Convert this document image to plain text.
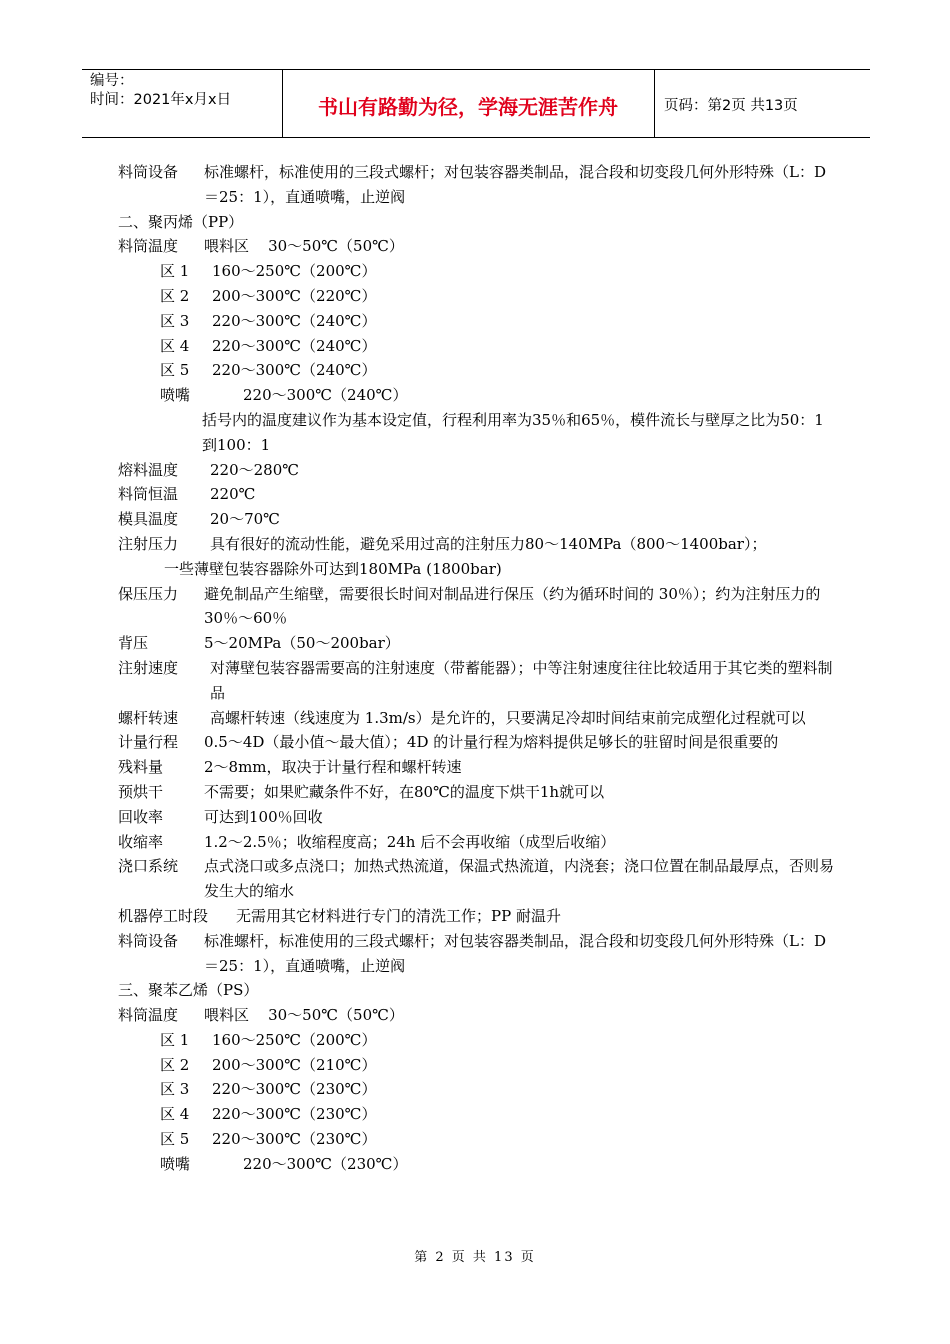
编号：
时间：2021年x月x日	书山有路勤为径，学海无涯苦作舟	页码：第2页 共13页
料筒设备	标准螺杆，标准使用的三段式螺杆；对包装容器类制品，混合段和切变段几何外形特殊（L：D＝25：1），直通喷嘴，止逆阀
二、聚丙烯（PP）
料筒温度	喂料区    30～50℃（50℃）
区 1	160～250℃（200℃）
区 2	200～300℃（220℃）
区 3	220～300℃（240℃）
区 4	220～300℃（240℃）
区 5	220～300℃（240℃）
喷嘴	220～300℃（240℃）
括号内的温度建议作为基本设定值，行程利用率为35％和65％，模件流长与壁厚之比为50：1到100：1
熔料温度	220～280℃
料筒恒温	220℃
模具温度	20～70℃
注射压力	具有很好的流动性能，避免采用过高的注射压力80～140MPa（800～1400bar）；
一些薄壁包装容器除外可达到180MPa (1800bar)
保压压力	避免制品产生缩壁，需要很长时间对制品进行保压（约为循环时间的 30％）；约为注射压力的30％～60％
背压	5～20MPa（50～200bar）
注射速度	对薄壁包装容器需要高的注射速度（带蓄能器）；中等注射速度往往比较适用于其它类的塑料制品
螺杆转速	高螺杆转速（线速度为 1.3m/s）是允许的，只要满足冷却时间结束前完成塑化过程就可以
计量行程	0.5～4D（最小值～最大值）；4D 的计量行程为熔料提供足够长的驻留时间是很重要的
残料量	2～8mm，取决于计量行程和螺杆转速
预烘干	不需要；如果贮藏条件不好，在80℃的温度下烘干1h就可以
回收率	可达到100％回收
收缩率	1.2～2.5％；收缩程度高；24h 后不会再收缩（成型后收缩）
浇口系统	点式浇口或多点浇口；加热式热流道，保温式热流道，内浇套；浇口位置在制品最厚点，否则易发生大的缩水
机器停工时段	无需用其它材料进行专门的清洗工作；PP 耐温升
料筒设备	标准螺杆，标准使用的三段式螺杆；对包装容器类制品，混合段和切变段几何外形特殊（L：D＝25：1），直通喷嘴，止逆阀
三、聚苯乙烯（PS）
料筒温度	喂料区    30～50℃（50℃）
区 1	160～250℃（200℃）
区 2	200～300℃（210℃）
区 3	220～300℃（230℃）
区 4	220～300℃（230℃）
区 5	220～300℃（230℃）
喷嘴	220～300℃（230℃）
第 2 页 共 13 页
